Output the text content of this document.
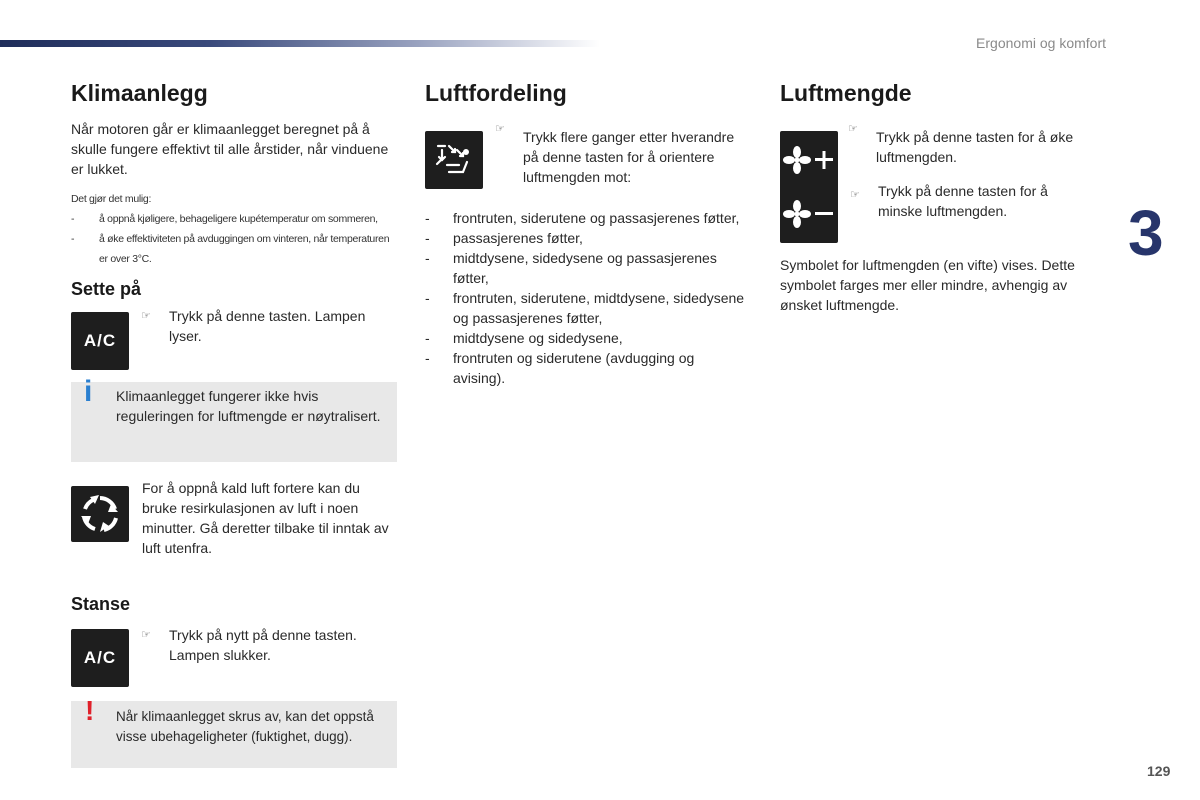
Ergonomi og komfort
3
129
Klimaanlegg

Når motoren går er klimaanlegget beregnet på å skulle fungere effektivt til alle årstider, når vinduene er lukket.

Det gjør det mulig:
-	å oppnå kjøligere, behageligere kupétemperatur om sommeren,
-	å øke effektiviteten på avduggingen om vinteren, når temperaturen er over 3°C.
Sette på
A/C
☞	Trykk på denne tasten. Lampen lyser.

i Klimaanlegget fungerer ikke hvis reguleringen for luftmengde er nøytralisert.

For å oppnå kald luft fortere kan du bruke resirkulasjonen av luft i noen minutter. Gå deretter tilbake til inntak av luft utenfra.

Stanse
A/C
☞	Trykk på nytt på denne tasten. Lampen slukker.

! Når klimaanlegget skrus av, kan det oppstå visse ubehageligheter (fuktighet, dugg).

Luftfordeling
☞	Trykk flere ganger etter hverandre på denne tasten for å orientere luftmengden mot:

-	frontruten, siderutene og passasjerenes føtter,
-	passasjerenes føtter,
-	midtdysene, sidedysene og passasjerenes føtter,
-	frontruten, siderutene, midtdysene, sidedysene og passasjerenes føtter,
-	midtdysene og sidedysene,
-	frontruten og siderutene (avdugging og avising).
Luftmengde
☞	Trykk på denne tasten for å øke luftmengden.

☞	Trykk på denne tasten for å minske luftmengden.

Symbolet for luftmengden (en vifte) vises. Dette symbolet farges mer eller mindre, avhengig av ønsket luftmengde.
